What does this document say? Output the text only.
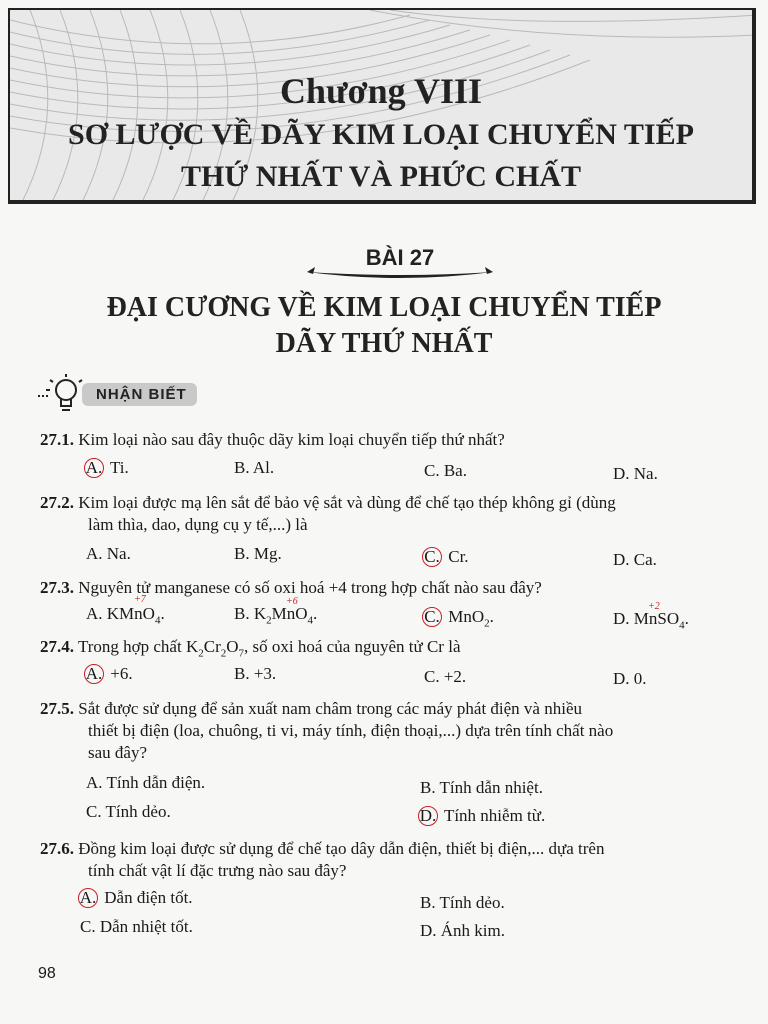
Chương VIII
SƠ LƯỢC VỀ DÃY KIM LOẠI CHUYỂN TIẾP
THỨ NHẤT VÀ PHỨC CHẤT
BÀI 27
ĐẠI CƯƠNG VỀ KIM LOẠI CHUYỂN TIẾP
DÃY THỨ NHẤT
NHẬN BIẾT
27.1. Kim loại nào sau đây thuộc dãy kim loại chuyển tiếp thứ nhất?
A. Ti.	B. Al.	C. Ba.	D. Na.
27.2. Kim loại được mạ lên sắt để bảo vệ sắt và dùng để chế tạo thép không gỉ (dùng
làm thìa, dao, dụng cụ y tế,...) là
A. Na.	B. Mg.	C. Cr.	D. Ca.
27.3. Nguyên tử manganese có số oxi hoá +4 trong hợp chất nào sau đây?
A. KMnO$_4$.
+7
B. $K_2MnO_4$.
+6
C. MnO$_2$.	D. MnSO$_4$.
+2
27.4. Trong hợp chất $K_2Cr_2O_7$, số oxi hoá của nguyên tử Cr là
A. +6.	B. +3.	C. +2.	D. 0.
27.5. Sắt được sử dụng để sản xuất nam châm trong các máy phát điện và nhiều
thiết bị điện (loa, chuông, ti vi, máy tính, điện thoại,...) dựa trên tính chất nào
sau đây?
A. Tính dẫn điện.	B. Tính dẫn nhiệt.
C. Tính dẻo.	D. Tính nhiễm từ.
27.6. Đồng kim loại được sử dụng để chế tạo dây dẫn điện, thiết bị điện,... dựa trên
tính chất vật lí đặc trưng nào sau đây?
A. Dẫn điện tốt.	B. Tính dẻo.
C. Dẫn nhiệt tốt.	D. Ánh kim.
98
